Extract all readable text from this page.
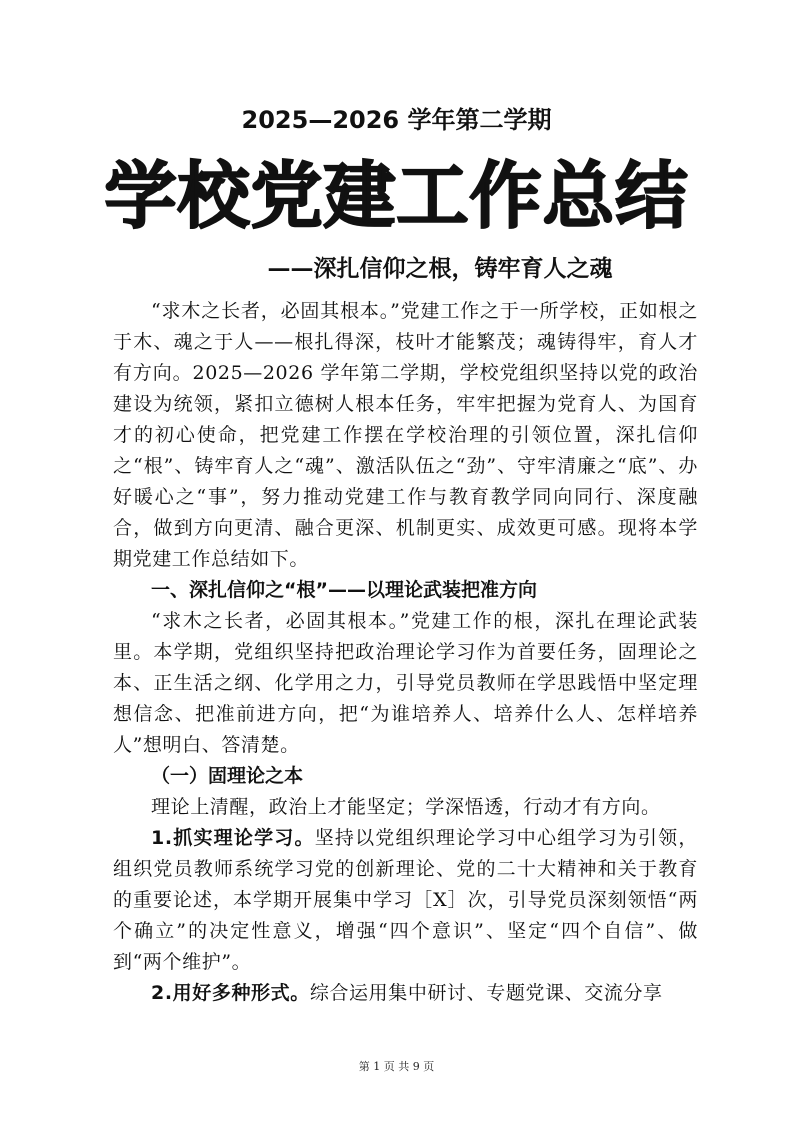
2025—2026 学年第二学期

学校党建工作总结

——深扎信仰之根，铸牢育人之魂

“求木之长者，必固其根本。”党建工作之于一所学校，正如根之于木、魂之于人——根扎得深，枝叶才能繁茂；魂铸得牢，育人才有方向。2025—2026 学年第二学期，学校党组织坚持以党的政治建设为统领，紧扣立德树人根本任务，牢牢把握为党育人、为国育才的初心使命，把党建工作摆在学校治理的引领位置，深扎信仰之“根”、铸牢育人之“魂”、激活队伍之“劲”、守牢清廉之“底”、办好暖心之“事”，努力推动党建工作与教育教学同向同行、深度融合，做到方向更清、融合更深、机制更实、成效更可感。现将本学期党建工作总结如下。

一、深扎信仰之“根”——以理论武装把准方向

“求木之长者，必固其根本。”党建工作的根，深扎在理论武装里。本学期，党组织坚持把政治理论学习作为首要任务，固理论之本、正生活之纲、化学用之力，引导党员教师在学思践悟中坚定理想信念、把准前进方向，把“为谁培养人、培养什么人、怎样培养人”想明白、答清楚。

（一）固理论之本

理论上清醒，政治上才能坚定；学深悟透，行动才有方向。

1.抓实理论学习。坚持以党组织理论学习中心组学习为引领，组织党员教师系统学习党的创新理论、党的二十大精神和关于教育的重要论述，本学期开展集中学习［X］次，引导党员深刻领悟“两个确立”的决定性意义，增强“四个意识”、坚定“四个自信”、做到“两个维护”。

2.用好多种形式。综合运用集中研讨、专题党课、交流分享

第 1 页 共 9 页
